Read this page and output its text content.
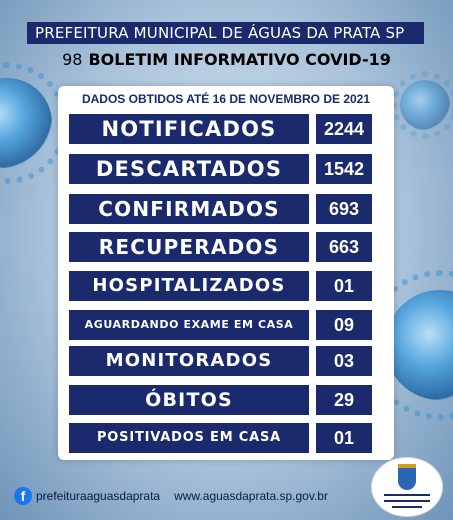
PREFEITURA MUNICIPAL DE ÁGUAS DA PRATA SP
98 BOLETIM INFORMATIVO COVID-19
DADOS OBTIDOS ATÉ 16 DE NOVEMBRO DE 2021
NOTIFICADOS	2244
DESCARTADOS	1542
CONFIRMADOS	693
RECUPERADOS	663
HOSPITALIZADOS	01
AGUARDANDO EXAME EM CASA	09
MONITORADOS	03
ÓBITOS	29
POSITIVADOS EM CASA	01
f prefeituraaguasdaprata www.aguasdaprata.sp.gov.br
